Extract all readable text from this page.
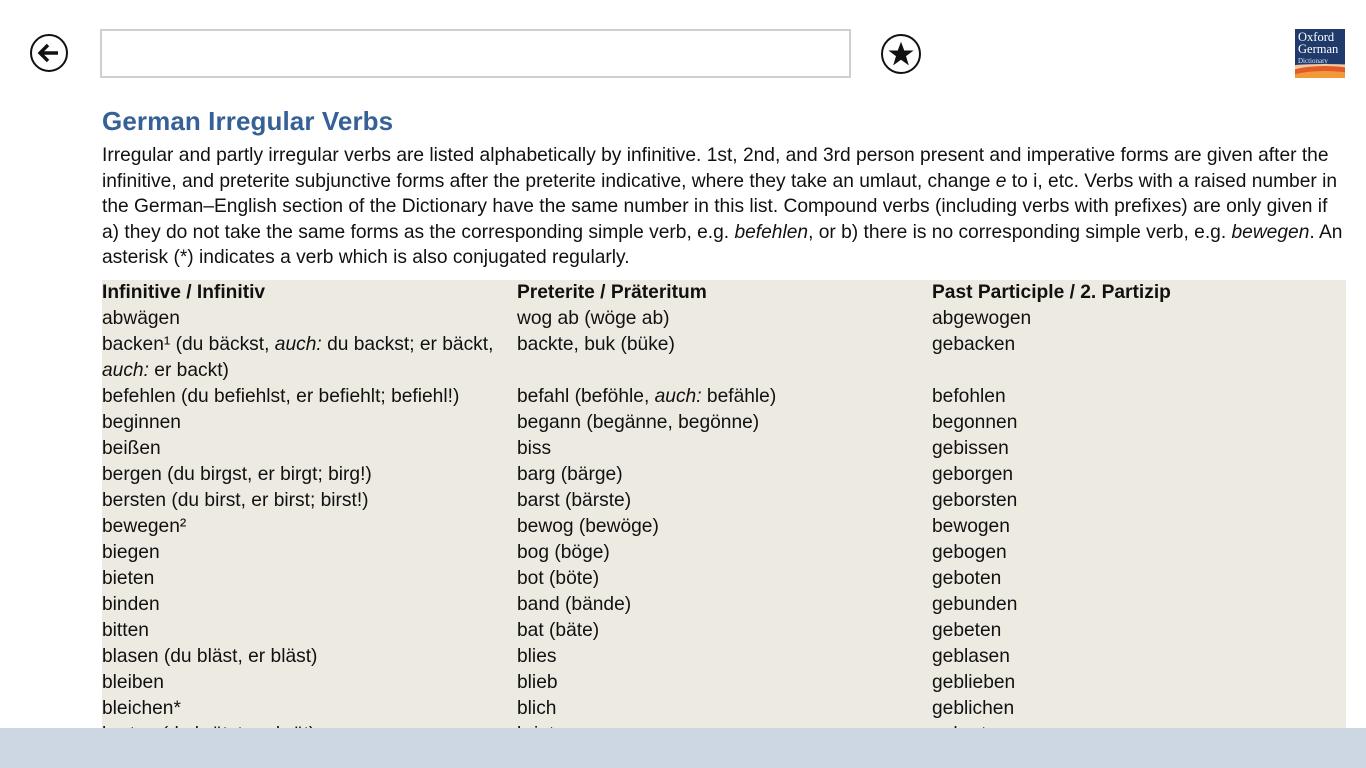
Oxford
German
Dictionary
German Irregular Verbs

Irregular and partly irregular verbs are listed alphabetically by infinitive. 1st, 2nd, and 3rd person present and imperative forms are given after the infinitive, and preterite subjunctive forms after the preterite indicative, where they take an umlaut, change e to i, etc. Verbs with a raised number in the German–English section of the Dictionary have the same number in this list. Compound verbs (including verbs with prefixes) are only given if a) they do not take the same forms as the corresponding simple verb, e.g. befehlen, or b) there is no corresponding simple verb, e.g. bewegen. An asterisk (*) indicates a verb which is also conjugated regularly.

Infinitive / Infinitiv	Preterite / Präteritum	Past Participle / 2. Partizip
abwägen	wog ab (wöge ab)	abgewogen
backen¹ (du bäckst, auch: du backst; er bäckt, auch: er backt)	backte, buk (büke)	gebacken
befehlen (du befiehlst, er befiehlt; befiehl!)	befahl (beföhle, auch: befähle)	befohlen
beginnen	begann (begänne, begönne)	begonnen
beißen	biss	gebissen
bergen (du birgst, er birgt; birg!)	barg (bärge)	geborgen
bersten (du birst, er birst; birst!)	barst (bärste)	geborsten
bewegen²	bewog (bewöge)	bewogen
biegen	bog (böge)	gebogen
bieten	bot (böte)	geboten
binden	band (bände)	gebunden
bitten	bat (bäte)	gebeten
blasen (du bläst, er bläst)	blies	geblasen
bleiben	blieb	geblieben
bleichen*	blich	geblichen
